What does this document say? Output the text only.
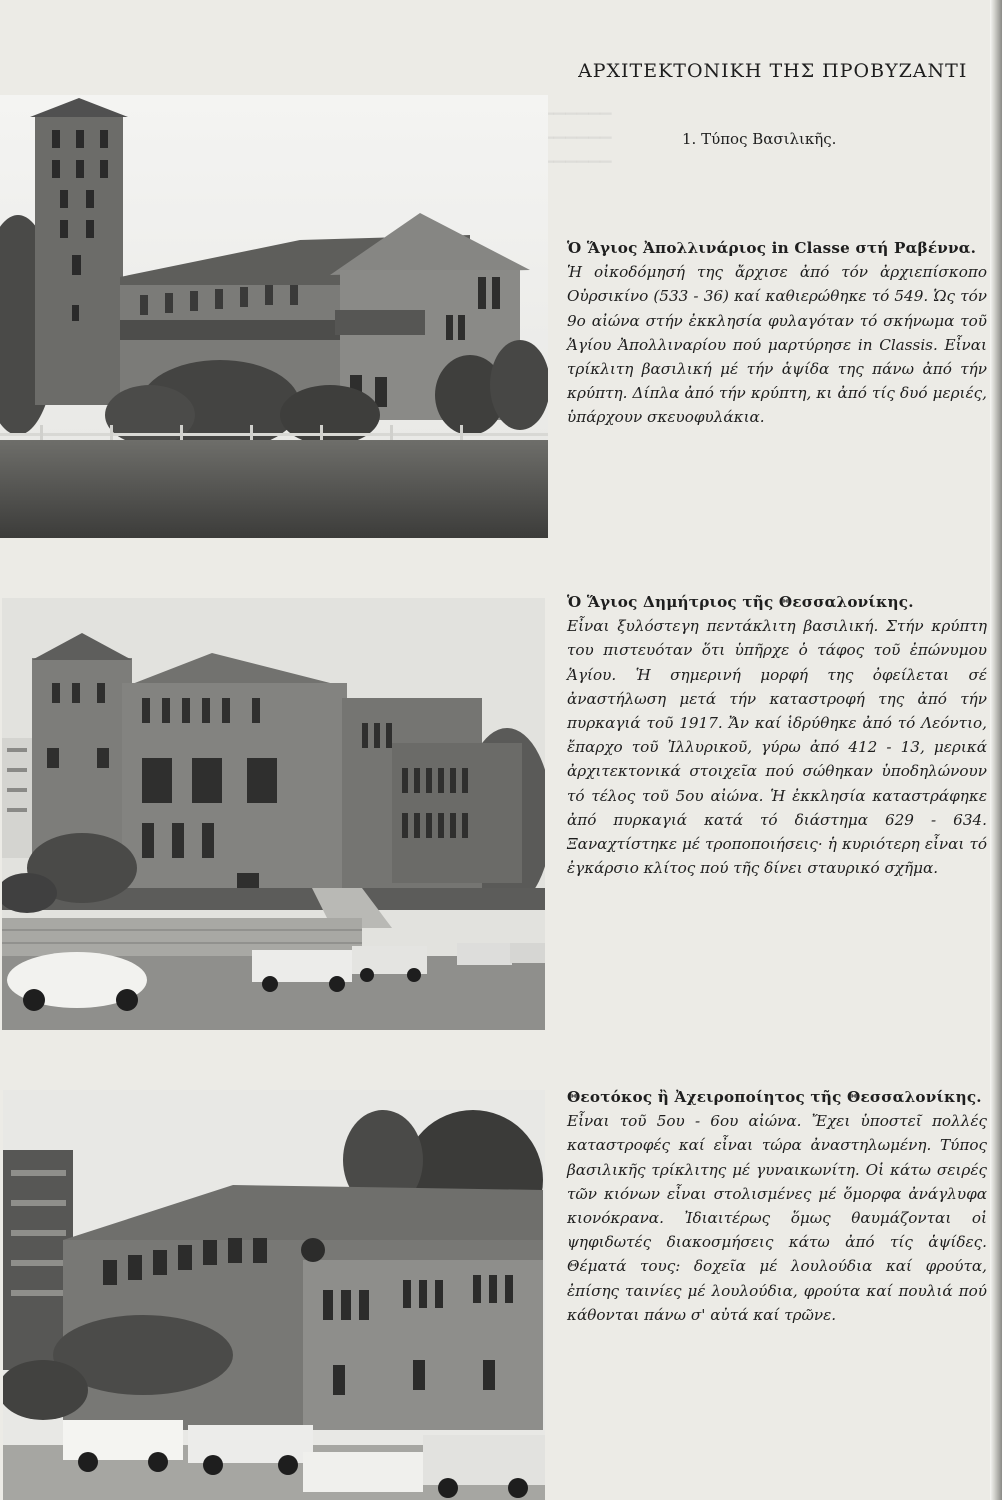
ΑΡΧΙΤΕΚΤΟΝΙΚΗ ΤΗΣ ΠΡΟΒΥΖΑΝΤΙ
1. Τύπος Βασιλικῆς.
Ὁ Ἅγιος Ἀπολλινάριος in Classe στή Ραβέννα.
Ἡ οἰκοδόμησή της ἄρχισε ἀπό τόν ἀρχιεπίσκοπο Οὐρσικίνο (533 - 36) καί καθιερώθηκε τό 549. Ὡς τόν 9ο αἰώνα στήν ἐκκλησία φυλαγόταν τό σκήνωμα τοῦ Ἁγίου Ἀπολλιναρίου πού μαρτύρησε in Classis. Εἶναι τρίκλιτη βασιλική μέ τήν ἁψίδα της πάνω ἀπό τήν κρύπτη. Δίπλα ἀπό τήν κρύπτη, κι ἀπό τίς δυό μεριές, ὑπάρχουν σκευοφυλάκια.
Ὁ Ἅγιος Δημήτριος τῆς Θεσσαλονίκης.
Εἶναι ξυλόστεγη πεντάκλιτη βασιλική. Στήν κρύπτη του πιστευόταν ὅτι ὑπῆρχε ὁ τάφος τοῦ ἐπώνυμου Ἁγίου. Ἡ σημερινή μορφή της ὀφείλεται σέ ἀναστήλωση μετά τήν καταστροφή της ἀπό τήν πυρκαγιά τοῦ 1917. Ἄν καί ἱδρύθηκε ἀπό τό Λεόντιο, ἔπαρχο τοῦ Ἰλλυρικοῦ, γύρω ἀπό 412 - 13, μερικά ἀρχιτεκτονικά στοιχεῖα πού σώθηκαν ὑποδηλώνουν τό τέλος τοῦ 5ου αἰώνα. Ἡ ἐκκλησία καταστράφηκε ἀπό πυρκαγιά κατά τό διάστημα 629 - 634. Ξαναχτίστηκε μέ τροποποιήσεις· ἡ κυριότερη εἶναι τό ἐγκάρσιο κλίτος πού τῆς δίνει σταυρικό σχῆμα.
Θεοτόκος ἢ Ἀχειροποίητος τῆς Θεσσαλονίκης.
Εἶναι τοῦ 5ου - 6ου αἰώνα. Ἔχει ὑποστεῖ πολλές καταστροφές καί εἶναι τώρα ἀναστηλωμένη. Τύπος βασιλικῆς τρίκλιτης μέ γυναικωνίτη. Οἱ κάτω σειρές τῶν κιόνων εἶναι στολισμένες μέ ὅμορφα ἀνάγλυφα κιονόκρανα. Ἰδιαιτέρως ὅμως θαυμάζονται οἱ ψηφιδωτές διακοσμήσεις κάτω ἀπό τίς ἁψίδες. Θέματά τους: δοχεῖα μέ λουλούδια καί φρούτα, ἐπίσης ταινίες μέ λουλούδια, φρούτα καί πουλιά πού κάθονται πάνω σ' αὐτά καί τρῶνε.
